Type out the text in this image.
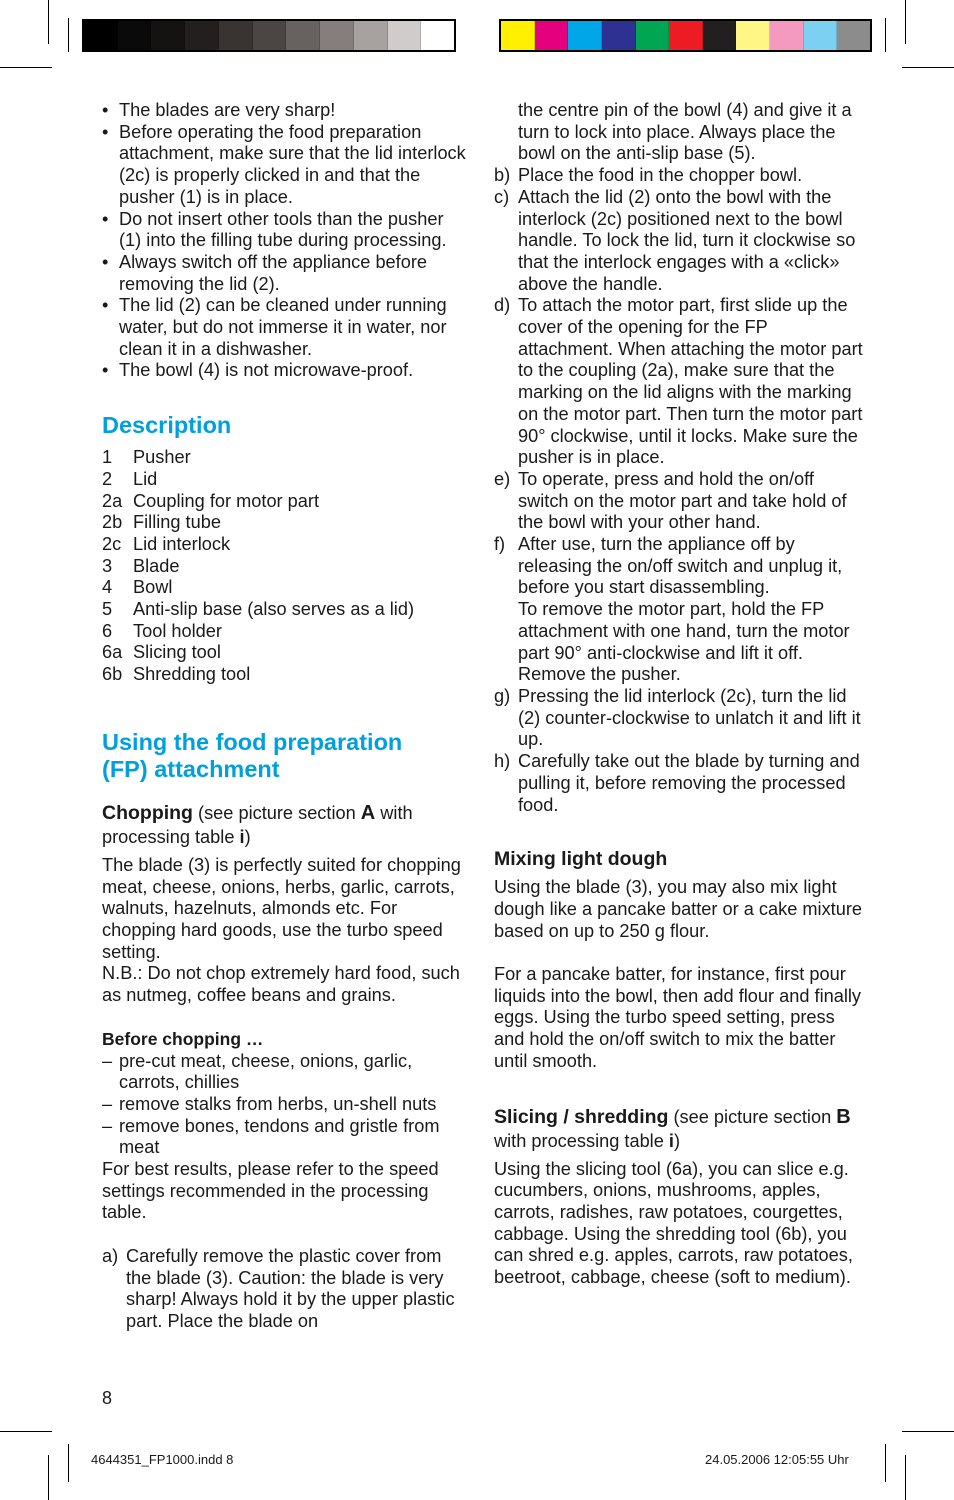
• The blades are very sharp!
• Before operating the food preparation attachment, make sure that the lid interlock (2c) is properly clicked in and that the pusher (1) is in place.
• Do not insert other tools than the pusher (1) into the filling tube during processing.
• Always switch off the appliance before removing the lid (2).
• The lid (2) can be cleaned under running water, but do not immerse it in water, nor clean it in a dishwasher.
• The bowl (4) is not microwave-proof.
Description
1	Pusher
2	Lid
2a Coupling for motor part
2b Filling tube
2c Lid interlock
3	Blade
4	Bowl
5	Anti-slip base (also serves as a lid)
6	Tool holder
6a Slicing tool
6b Shredding tool
Using the food preparation
(FP) attachment

Chopping (see picture section A with processing table i)

The blade (3) is perfectly suited for chopping meat, cheese, onions, herbs, garlic, carrots, walnuts, hazelnuts, almonds etc. For chopping hard goods, use the turbo speed setting.

N.B.: Do not chop extremely hard food, such as nutmeg, coffee beans and grains.

Before chopping …

– pre-cut meat, cheese, onions, garlic, carrots, chillies
– remove stalks from herbs, un-shell nuts
– remove bones, tendons and gristle from meat

For best results, please refer to the speed settings recommended in the processing table.

a) Carefully remove the plastic cover from the blade (3). Caution: the blade is very sharp! Always hold it by the upper plastic part. Place the blade on
8

the centre pin of the bowl (4) and give it a turn to lock into place. Always place the bowl on the anti-slip base (5).

b) Place the food in the chopper bowl.
c) Attach the lid (2) onto the bowl with the interlock (2c) positioned next to the bowl handle. To lock the lid, turn it clockwise so that the interlock engages with a «click» above the handle.
d) To attach the motor part, first slide up the cover of the opening for the FP attachment. When attaching the motor part to the coupling (2a), make sure that the marking on the lid aligns with the marking on the motor part. Then turn the motor part 90° clockwise, until it locks. Make sure the pusher is in place.
e) To operate, press and hold the on/off switch on the motor part and take hold of the bowl with your other hand.
f) After use, turn the appliance off by releasing the on/off switch and unplug it, before you start disassembling.
To remove the motor part, hold the FP attachment with one hand, turn the motor part 90° anti-clockwise and lift it off. Remove the pusher.
g) Pressing the lid interlock (2c), turn the lid (2) counter-clockwise to unlatch it and lift it up.
h) Carefully take out the blade by turning and pulling it, before removing the processed food.

Mixing light dough

Using the blade (3), you may also mix light dough like a pancake batter or a cake mixture based on up to 250 g flour.

For a pancake batter, for instance, first pour liquids into the bowl, then add flour and finally eggs. Using the turbo speed setting, press and hold the on/off switch to mix the batter until smooth.

Slicing / shredding (see picture section B with processing table i)

Using the slicing tool (6a), you can slice e.g. cucumbers, onions, mushrooms, apples, carrots, radishes, raw potatoes, courgettes, cabbage. Using the shredding tool (6b), you can shred e.g. apples, carrots, raw potatoes, beetroot, cabbage, cheese (soft to medium).

4644351_FP1000.indd 8	24.05.2006 12:05:55 Uhr
